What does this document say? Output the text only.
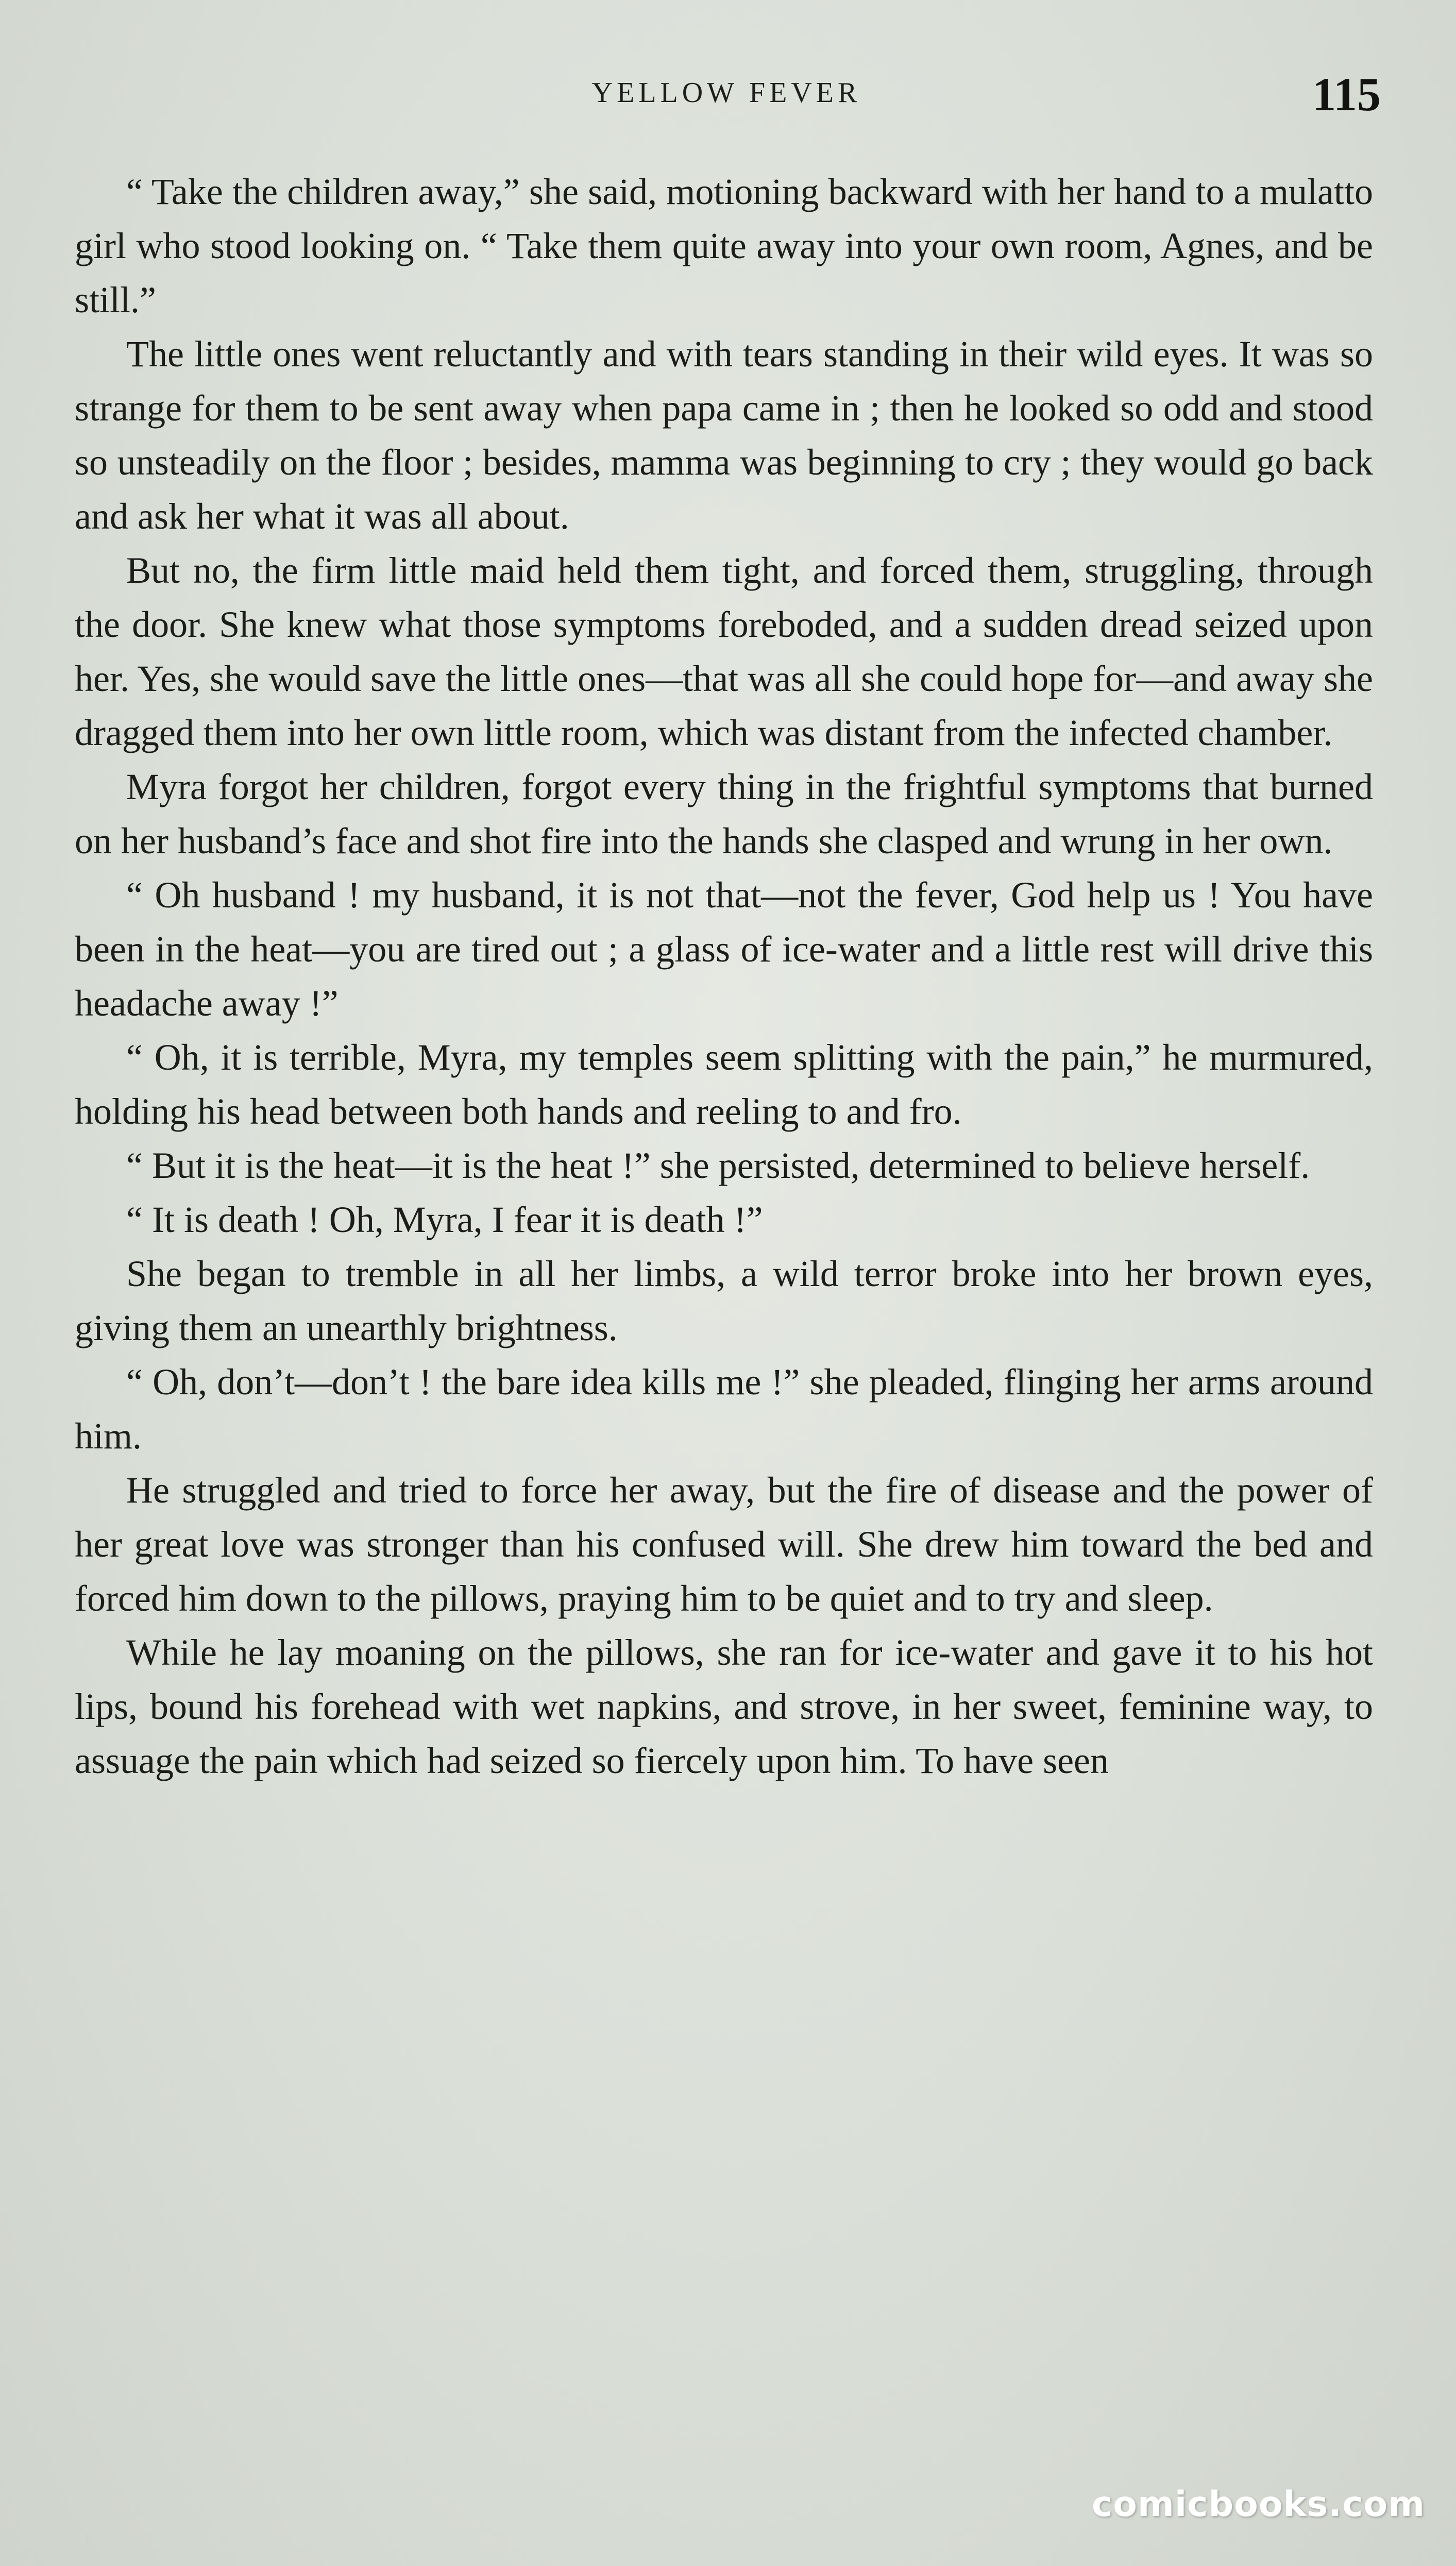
YELLOW FEVER	115

“ Take the children away,” she said, motioning backward with her hand to a mulatto girl who stood looking on. “ Take them quite away into your own room, Agnes, and be still.”

The little ones went reluctantly and with tears standing in their wild eyes. It was so strange for them to be sent away when papa came in ; then he looked so odd and stood so unsteadily on the floor ; besides, mamma was beginning to cry ; they would go back and ask her what it was all about.

But no, the firm little maid held them tight, and forced them, struggling, through the door. She knew what those symptoms foreboded, and a sudden dread seized upon her. Yes, she would save the little ones—that was all she could hope for—and away she dragged them into her own little room, which was distant from the infected chamber.

Myra forgot her children, forgot every thing in the frightful symptoms that burned on her husband’s face and shot fire into the hands she clasped and wrung in her own.

“ Oh husband ! my husband, it is not that—not the fever, God help us ! You have been in the heat—you are tired out ; a glass of ice-water and a little rest will drive this headache away !”

“ Oh, it is terrible, Myra, my temples seem splitting with the pain,” he murmured, holding his head between both hands and reeling to and fro.

“ But it is the heat—it is the heat !” she persisted, determined to believe herself.

“ It is death ! Oh, Myra, I fear it is death !”

She began to tremble in all her limbs, a wild terror broke into her brown eyes, giving them an unearthly brightness.

“ Oh, don’t—don’t ! the bare idea kills me !” she pleaded, flinging her arms around him.

He struggled and tried to force her away, but the fire of disease and the power of her great love was stronger than his confused will. She drew him toward the bed and forced him down to the pillows, praying him to be quiet and to try and sleep.

While he lay moaning on the pillows, she ran for ice-water and gave it to his hot lips, bound his forehead with wet napkins, and strove, in her sweet, feminine way, to assuage the pain which had seized so fiercely upon him. To have seen

comicbooks.com
